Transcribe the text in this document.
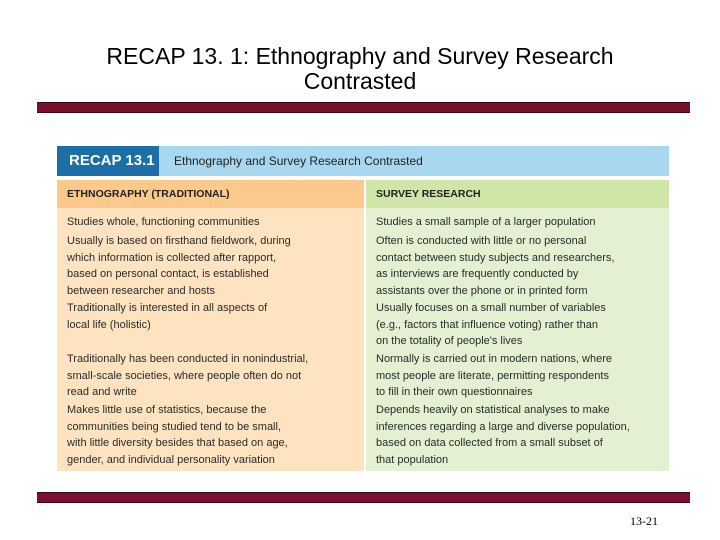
RECAP 13. 1: Ethnography and Survey Research
Contrasted
RECAP 13.1	Ethnography and Survey Research Contrasted
ETHNOGRAPHY (TRADITIONAL)	SURVEY RESEARCH
Studies whole, functioning communities
Usually is based on firsthand fieldwork, during
which information is collected after rapport,
based on personal contact, is established
between researcher and hosts
Traditionally is interested in all aspects of
local life (holistic)
Traditionally has been conducted in nonindustrial,
small-scale societies, where people often do not
read and write
Makes little use of statistics, because the
communities being studied tend to be small,
with little diversity besides that based on age,
gender, and individual personality variation
Studies a small sample of a larger population
Often is conducted with little or no personal
contact between study subjects and researchers,
as interviews are frequently conducted by
assistants over the phone or in printed form
Usually focuses on a small number of variables
(e.g., factors that influence voting) rather than
on the totality of people's lives
Normally is carried out in modern nations, where
most people are literate, permitting respondents
to fill in their own questionnaires
Depends heavily on statistical analyses to make
inferences regarding a large and diverse population,
based on data collected from a small subset of
that population
13-21
